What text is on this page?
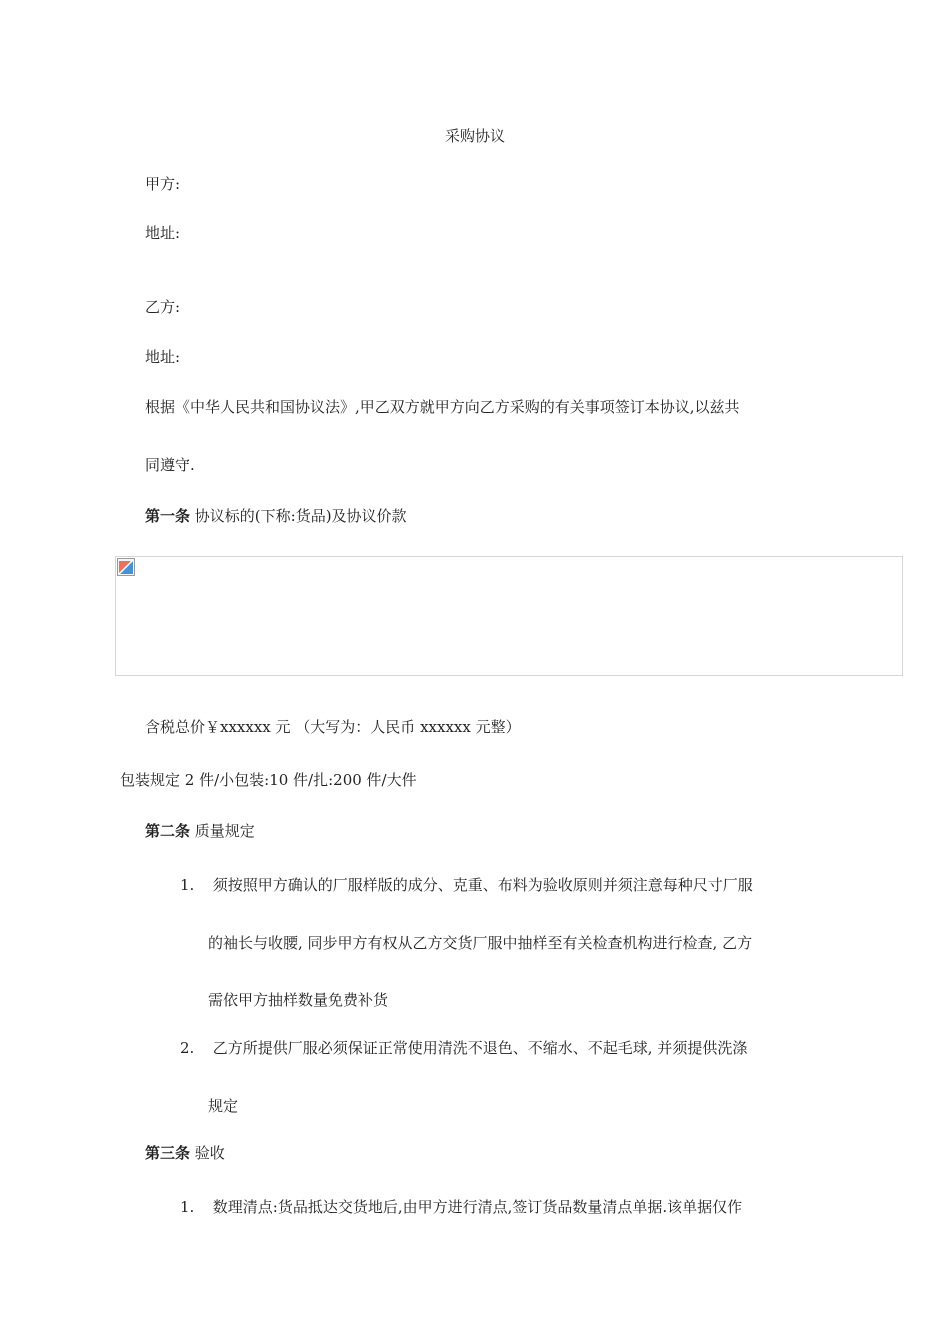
采购协议
甲方:
地址:
乙方:
地址:
根据《中华人民共和国协议法》,甲乙双方就甲方向乙方采购的有关事项签订本协议,以兹共
同遵守.
第一条 协议标的(下称:货品)及协议价款
含税总价￥xxxxxx 元 （大写为：人民币 xxxxxx 元整）
包装规定 2 件/小包装:10 件/扎:200 件/大件
第二条 质量规定
1. 须按照甲方确认的厂服样版的成分、克重、布料为验收原则并须注意每种尺寸厂服
的袖长与收腰, 同步甲方有权从乙方交货厂服中抽样至有关检查机构进行检查, 乙方
需依甲方抽样数量免费补货
2. 乙方所提供厂服必须保证正常使用清洗不退色、不缩水、不起毛球, 并须提供洗涤
规定
第三条 验收
1. 数理清点:货品抵达交货地后,由甲方进行清点,签订货品数量清点单据.该单据仅作
